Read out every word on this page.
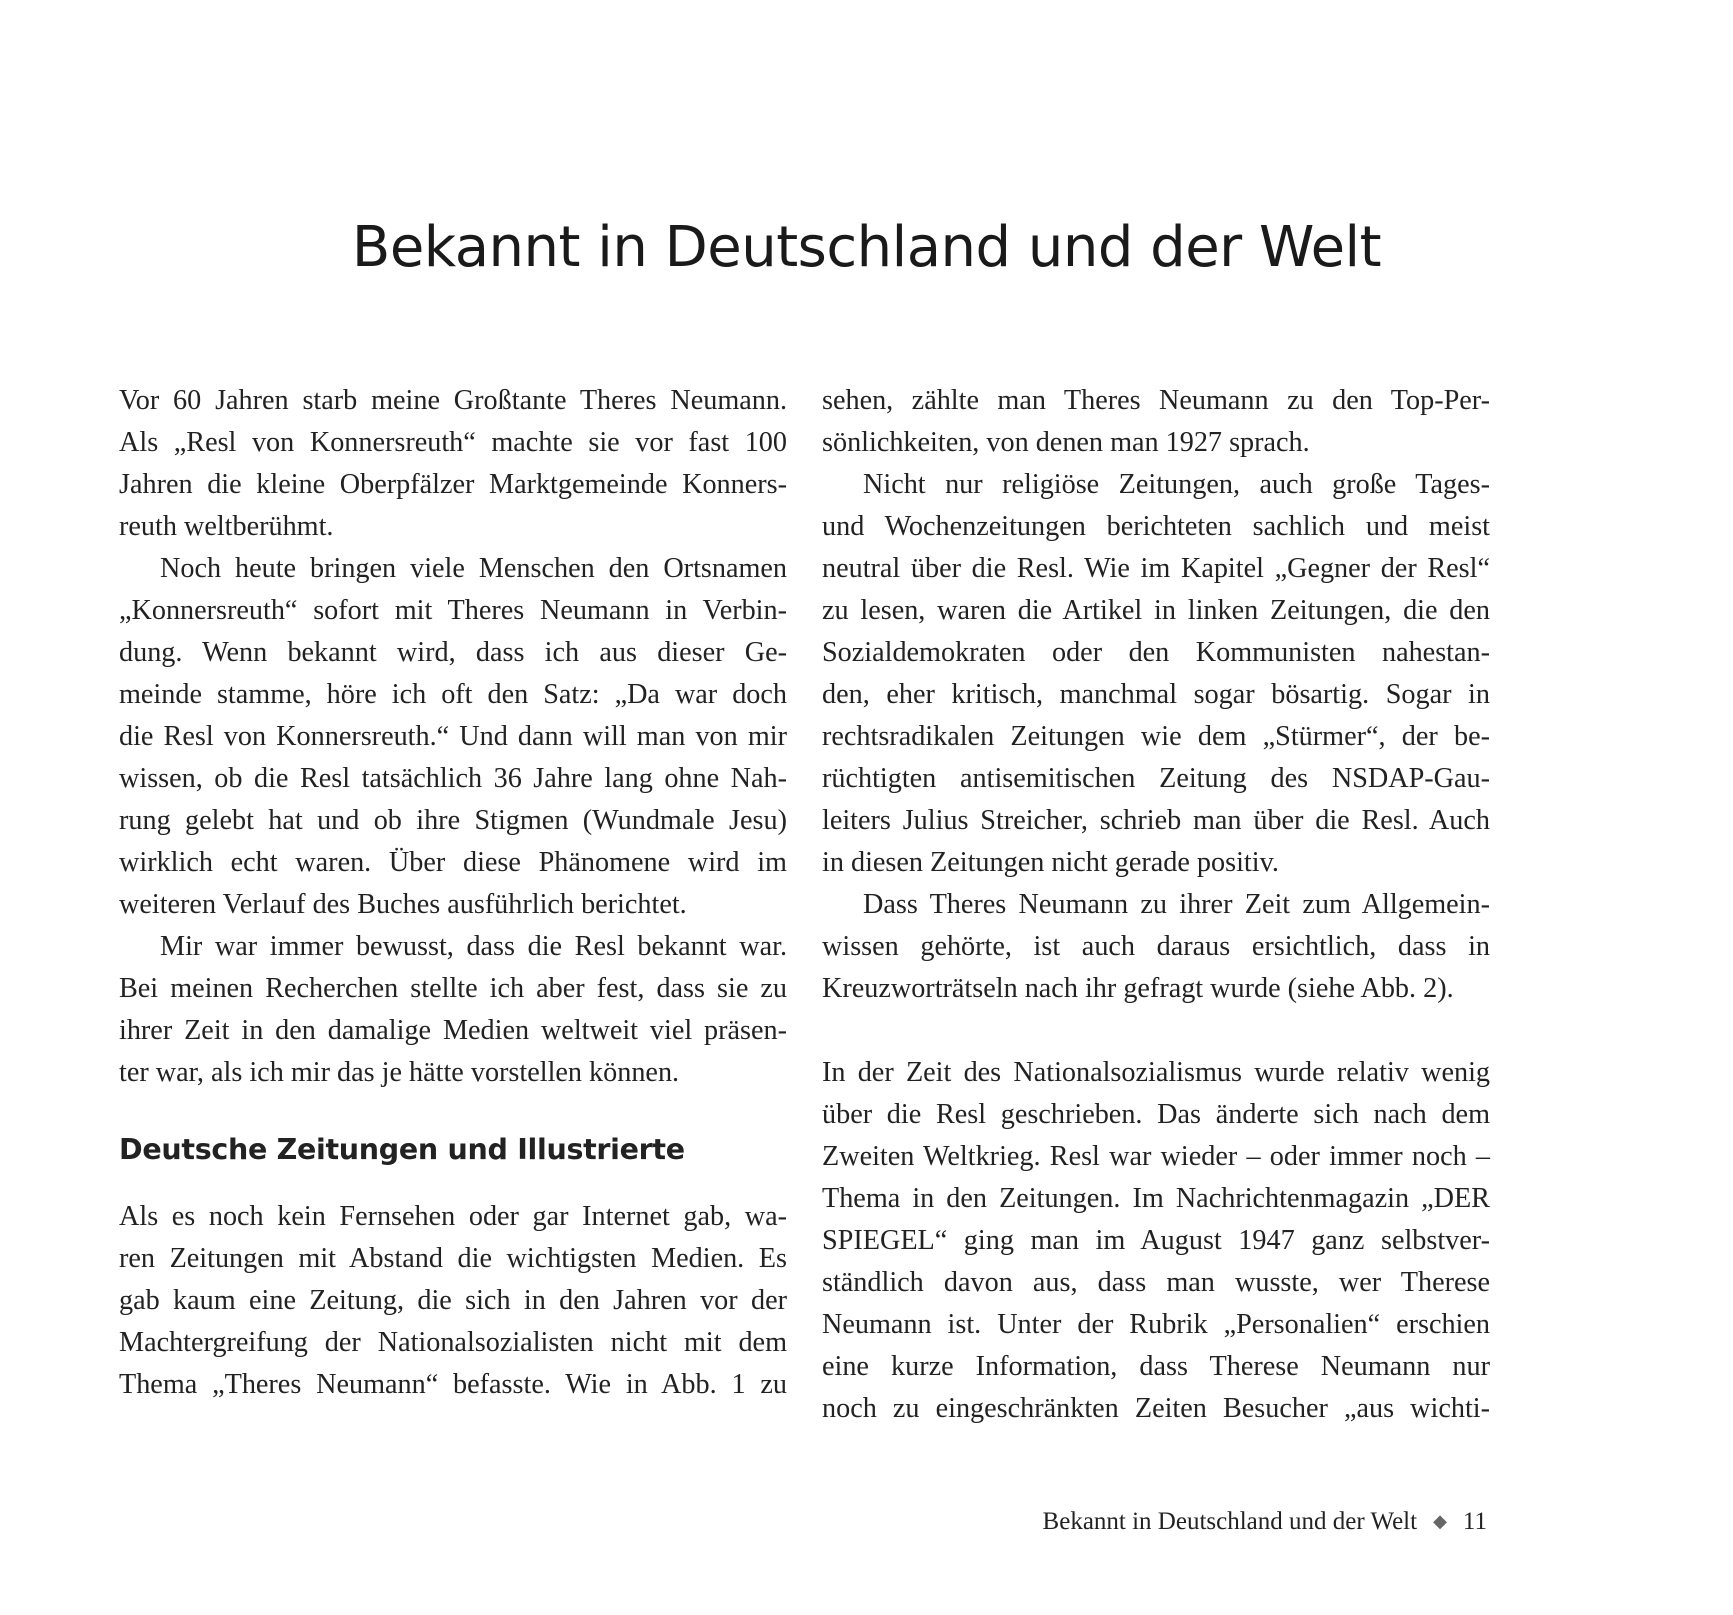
Bekannt in Deutschland und der Welt
Vor 60 Jahren starb meine Großtante Theres Neumann.
Als „Resl von Konnersreuth“ machte sie vor fast 100
Jahren die kleine Oberpfälzer Marktgemeinde Konners-
reuth weltberühmt.
Noch heute bringen viele Menschen den Ortsnamen
„Konnersreuth“ sofort mit Theres Neumann in Verbin-
dung. Wenn bekannt wird, dass ich aus dieser Ge-
meinde stamme, höre ich oft den Satz: „Da war doch
die Resl von Konnersreuth.“ Und dann will man von mir
wissen, ob die Resl tatsächlich 36 Jahre lang ohne Nah-
rung gelebt hat und ob ihre Stigmen (Wundmale Jesu)
wirklich echt waren. Über diese Phänomene wird im
weiteren Verlauf des Buches ausführlich berichtet.
Mir war immer bewusst, dass die Resl bekannt war.
Bei meinen Recherchen stellte ich aber fest, dass sie zu
ihrer Zeit in den damalige Medien weltweit viel präsen-
ter war, als ich mir das je hätte vorstellen können.
Deutsche Zeitungen und Illustrierte
Als es noch kein Fernsehen oder gar Internet gab, wa-
ren Zeitungen mit Abstand die wichtigsten Medien. Es
gab kaum eine Zeitung, die sich in den Jahren vor der
Machtergreifung der Nationalsozialisten nicht mit dem
Thema „Theres Neumann“ befasste. Wie in Abb. 1 zu
sehen, zählte man Theres Neumann zu den Top-Per-
sönlichkeiten, von denen man 1927 sprach.
Nicht nur religiöse Zeitungen, auch große Tages-
und Wochenzeitungen berichteten sachlich und meist
neutral über die Resl. Wie im Kapitel „Gegner der Resl“
zu lesen, waren die Artikel in linken Zeitungen, die den
Sozialdemokraten oder den Kommunisten nahestan-
den, eher kritisch, manchmal sogar bösartig. Sogar in
rechtsradikalen Zeitungen wie dem „Stürmer“, der be-
rüchtigten antisemitischen Zeitung des NSDAP-Gau-
leiters Julius Streicher, schrieb man über die Resl. Auch
in diesen Zeitungen nicht gerade positiv.
Dass Theres Neumann zu ihrer Zeit zum Allgemein-
wissen gehörte, ist auch daraus ersichtlich, dass in
Kreuzworträtseln nach ihr gefragt wurde (siehe Abb. 2).
In der Zeit des Nationalsozialismus wurde relativ wenig
über die Resl geschrieben. Das änderte sich nach dem
Zweiten Weltkrieg. Resl war wieder – oder immer noch –
Thema in den Zeitungen. Im Nachrichtenmagazin „DER
SPIEGEL“ ging man im August 1947 ganz selbstver-
ständlich davon aus, dass man wusste, wer Therese
Neumann ist. Unter der Rubrik „Personalien“ erschien
eine kurze Information, dass Therese Neumann nur
noch zu eingeschränkten Zeiten Besucher „aus wichti-
Bekannt in Deutschland und der Welt ◆ 11
